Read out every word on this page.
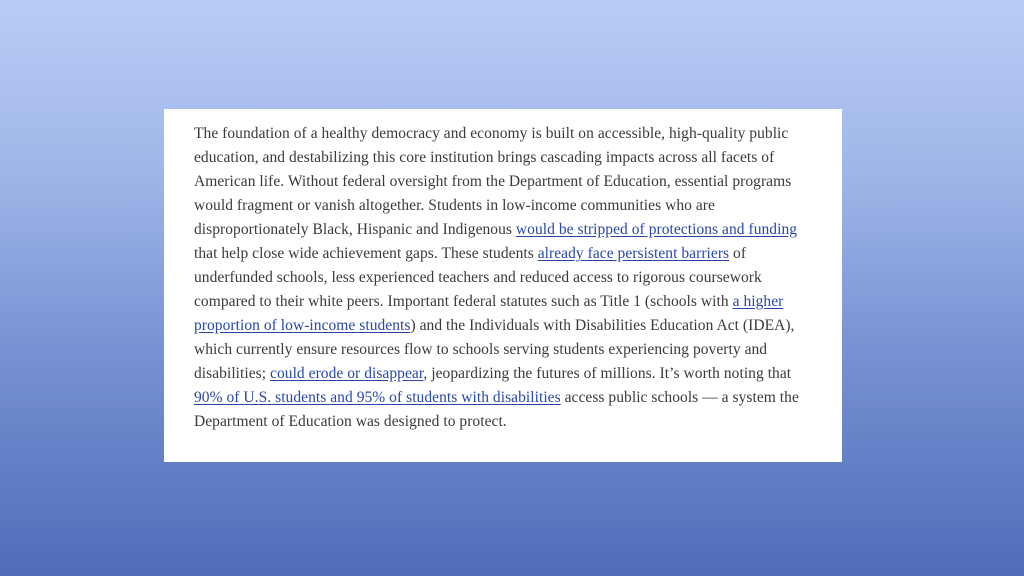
The foundation of a healthy democracy and economy is built on accessible, high-quality public education, and destabilizing this core institution brings cascading impacts across all facets of American life. Without federal oversight from the Department of Education, essential programs would fragment or vanish altogether. Students in low-income communities who are disproportionately Black, Hispanic and Indigenous would be stripped of protections and funding that help close wide achievement gaps. These students already face persistent barriers of underfunded schools, less experienced teachers and reduced access to rigorous coursework compared to their white peers. Important federal statutes such as Title 1 (schools with a higher proportion of low-income students) and the Individuals with Disabilities Education Act (IDEA), which currently ensure resources flow to schools serving students experiencing poverty and disabilities; could erode or disappear, jeopardizing the futures of millions. It’s worth noting that 90% of U.S. students and 95% of students with disabilities access public schools — a system the Department of Education was designed to protect.
